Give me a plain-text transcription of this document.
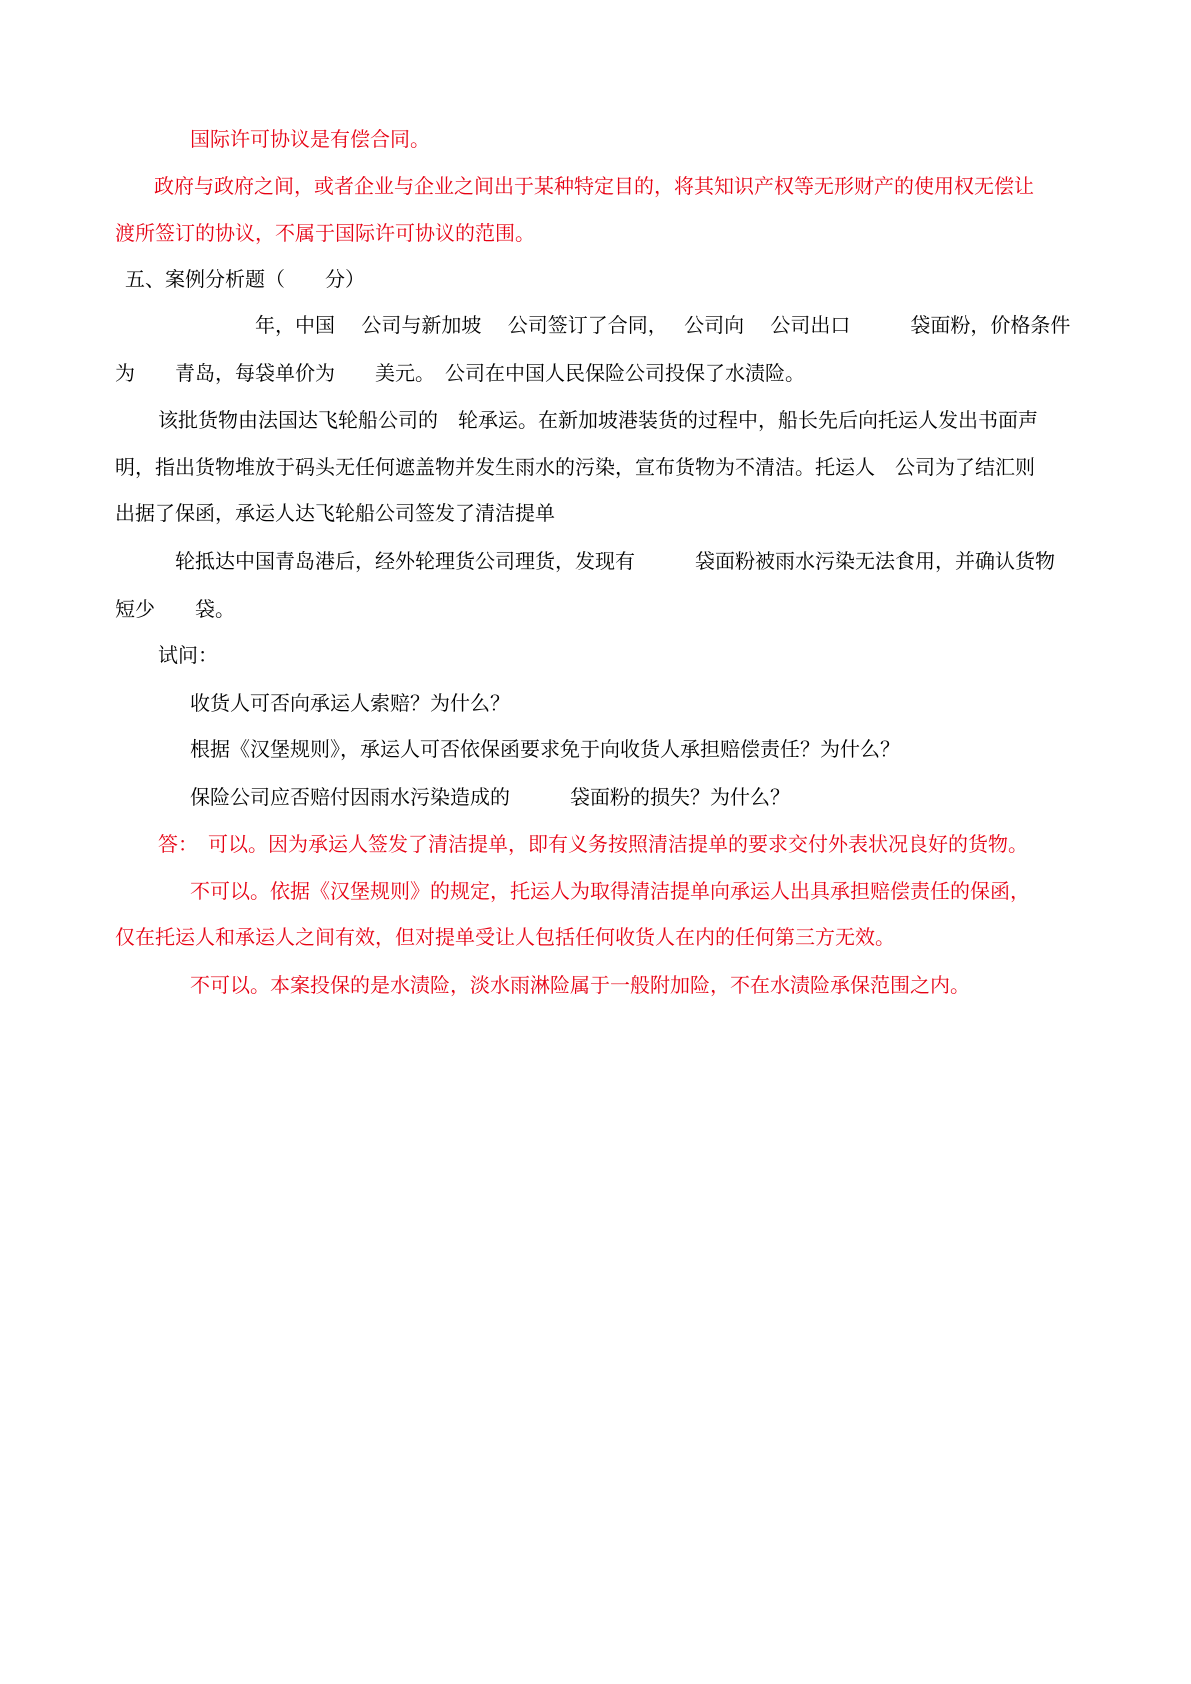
国际许可协议是有偿合同。
政府与政府之间，或者企业与企业之间出于某种特定目的，将其知识产权等无形财产的使用权无偿让
渡所签订的协议，不属于国际许可协议的范围。
五、案例分析题（　　分）
年，中国　 公司与新加坡　 公司签订了合同，　 公司向　 公司出口　　　袋面粉，价格条件
为　　青岛，每袋单价为　　美元。　公司在中国人民保险公司投保了水渍险。
该批货物由法国达飞轮船公司的　轮承运。在新加坡港装货的过程中，船长先后向托运人发出书面声
明，指出货物堆放于码头无任何遮盖物并发生雨水的污染，宣布货物为不清洁。托运人　公司为了结汇则
出据了保函，承运人达飞轮船公司签发了清洁提单
轮抵达中国青岛港后，经外轮理货公司理货，发现有　　　袋面粉被雨水污染无法食用，并确认货物
短少　　袋。
试问：
收货人可否向承运人索赔？为什么？
根据《汉堡规则》，承运人可否依保函要求免于向收货人承担赔偿责任？为什么？
保险公司应否赔付因雨水污染造成的　　　袋面粉的损失？为什么？
答：　可以。因为承运人签发了清洁提单，即有义务按照清洁提单的要求交付外表状况良好的货物。
不可以。依据《汉堡规则》的规定，托运人为取得清洁提单向承运人出具承担赔偿责任的保函，
仅在托运人和承运人之间有效，但对提单受让人包括任何收货人在内的任何第三方无效。
不可以。本案投保的是水渍险，淡水雨淋险属于一般附加险，不在水渍险承保范围之内。
